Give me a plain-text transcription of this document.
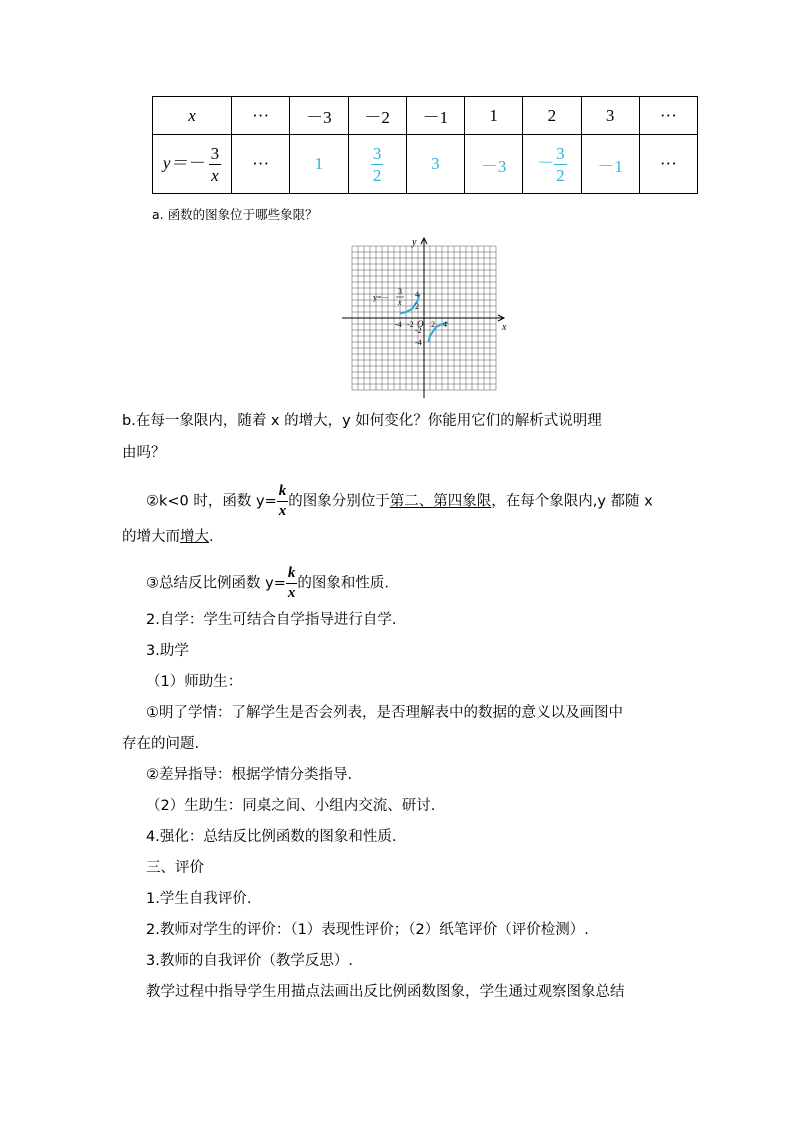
x	···	－3	－2	－1	1	2	3	···
$y=- \frac{3}{x}$	···	1	$\frac{3}{2}$	3	－3	－ $\frac{3}{2}$	－1	···
a. 函数的图象位于哪些象限？
x
y
O
y=－
3
x
-4 -2 2 4
2
4
-2
-4
b.在每一象限内，随着 x 的增大，y 如何变化？你能用它们的解析式说明理
由吗？
②k<0 时，函数 $y= \frac{k}{x}$ 的图象分别位于第二、第四象限，在每个象限内,y 都随 x
的增大而增大.
③总结反比例函数 $y= \frac{k}{x}$ 的图象和性质.
2.自学：学生可结合自学指导进行自学.
3.助学
（1）师助生：
①明了学情：了解学生是否会列表，是否理解表中的数据的意义以及画图中
存在的问题.
②差异指导：根据学情分类指导.
（2）生助生：同桌之间、小组内交流、研讨.
4.强化：总结反比例函数的图象和性质.
三、评价
1.学生自我评价.
2.教师对学生的评价：（1）表现性评价；（2）纸笔评价（评价检测）.
3.教师的自我评价（教学反思）.
教学过程中指导学生用描点法画出反比例函数图象，学生通过观察图象总结
